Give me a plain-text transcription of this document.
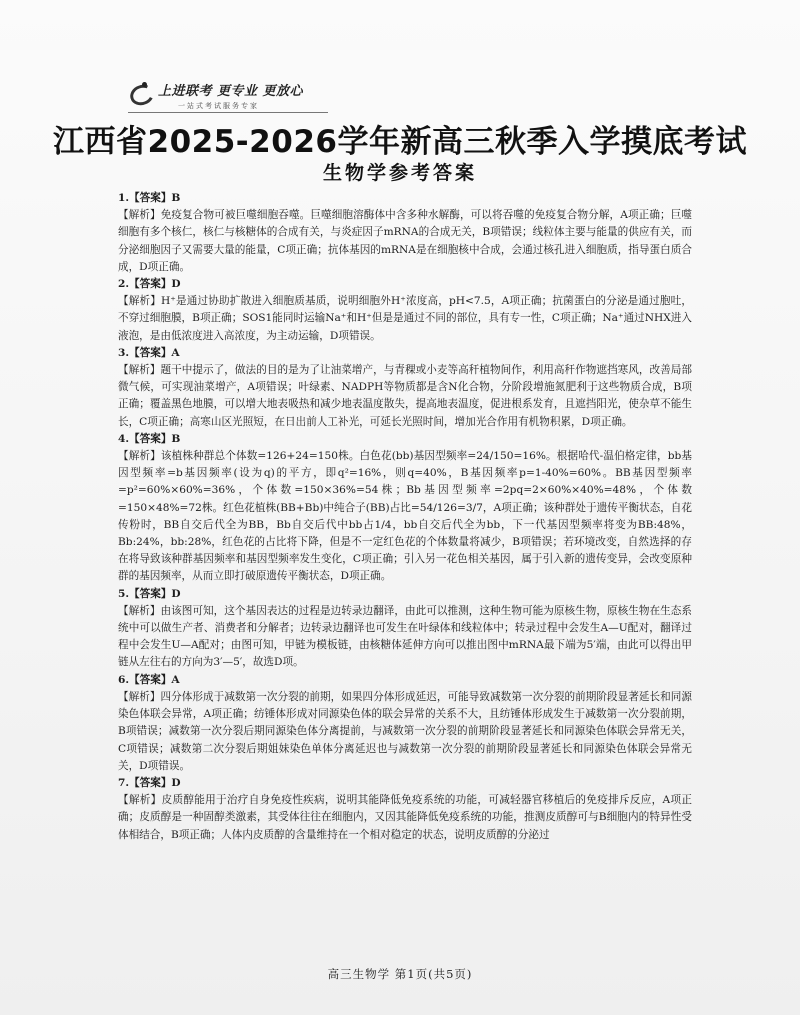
上进联考 更专业 更放心
一站式考试服务专家
江西省2025-2026学年新高三秋季入学摸底考试
生物学参考答案
1.【答案】B
【解析】免疫复合物可被巨噬细胞吞噬。巨噬细胞溶酶体中含多种水解酶，可以将吞噬的免疫复合物分解，A项正确；巨噬细胞有多个核仁，核仁与核糖体的合成有关，与炎症因子mRNA的合成无关，B项错误；线粒体主要与能量的供应有关，而分泌细胞因子又需要大量的能量，C项正确；抗体基因的mRNA是在细胞核中合成，会通过核孔进入细胞质，指导蛋白质合成，D项正确。
2.【答案】D
【解析】H⁺是通过协助扩散进入细胞质基质，说明细胞外H⁺浓度高，pH<7.5，A项正确；抗菌蛋白的分泌是通过胞吐，不穿过细胞膜，B项正确；SOS1能同时运输Na⁺和H⁺但是是通过不同的部位，具有专一性，C项正确；Na⁺通过NHX进入液泡，是由低浓度进入高浓度，为主动运输，D项错误。
3.【答案】A
【解析】题干中提示了，做法的目的是为了让油菜增产，与青稞或小麦等高秆植物间作，利用高秆作物遮挡寒风，改善局部微气候，可实现油菜增产，A项错误；叶绿素、NADPH等物质都是含N化合物，分阶段增施氮肥利于这些物质合成，B项正确；覆盖黑色地膜，可以增大地表吸热和减少地表温度散失，提高地表温度，促进根系发育，且遮挡阳光，使杂草不能生长，C项正确；高寒山区光照短，在日出前人工补光，可延长光照时间，增加光合作用有机物积累，D项正确。
4.【答案】B
【解析】该植株种群总个体数=126+24=150株。白色花(bb)基因型频率=24/150=16%。根据哈代-温伯格定律，bb基因型频率=b基因频率(设为q)的平方，即q²=16%，则q=40%，B基因频率p=1-40%=60%。BB基因型频率=p²=60%×60%=36%，个体数=150×36%=54株；Bb基因型频率=2pq=2×60%×40%=48%，个体数=150×48%=72株。红色花植株(BB+Bb)中纯合子(BB)占比=54/126=3/7，A项正确；该种群处于遗传平衡状态，自花传粉时，BB自交后代全为BB，Bb自交后代中bb占1/4，bb自交后代全为bb，下一代基因型频率将变为BB:48%，Bb:24%，bb:28%，红色花的占比将下降，但是不一定红色花的个体数量将减少，B项错误；若环境改变，自然选择的存在将导致该种群基因频率和基因型频率发生变化，C项正确；引入另一花色相关基因，属于引入新的遗传变异，会改变原种群的基因频率，从而立即打破原遗传平衡状态，D项正确。
5.【答案】D
【解析】由该图可知，这个基因表达的过程是边转录边翻译，由此可以推测，这种生物可能为原核生物，原核生物在生态系统中可以做生产者、消费者和分解者；边转录边翻译也可发生在叶绿体和线粒体中；转录过程中会发生A—U配对，翻译过程中会发生U—A配对；由图可知，甲链为模板链，由核糖体延伸方向可以推出图中mRNA最下端为5′端，由此可以得出甲链从左往右的方向为3′—5′，故选D项。
6.【答案】A
【解析】四分体形成于减数第一次分裂的前期，如果四分体形成延迟，可能导致减数第一次分裂的前期阶段显著延长和同源染色体联会异常，A项正确；纺锤体形成对同源染色体的联会异常的关系不大，且纺锤体形成发生于减数第一次分裂前期，B项错误；减数第一次分裂后期同源染色体分离提前，与减数第一次分裂的前期阶段显著延长和同源染色体联会异常无关，C项错误；减数第二次分裂后期姐妹染色单体分离延迟也与减数第一次分裂的前期阶段显著延长和同源染色体联会异常无关，D项错误。
7.【答案】D
【解析】皮质醇能用于治疗自身免疫性疾病，说明其能降低免疫系统的功能，可减轻器官移植后的免疫排斥反应，A项正确；皮质醇是一种固醇类激素，其受体往往在细胞内，又因其能降低免疫系统的功能，推测皮质醇可与B细胞内的特异性受体相结合，B项正确；人体内皮质醇的含量维持在一个相对稳定的状态，说明皮质醇的分泌过
高三生物学 第1页(共5页)
